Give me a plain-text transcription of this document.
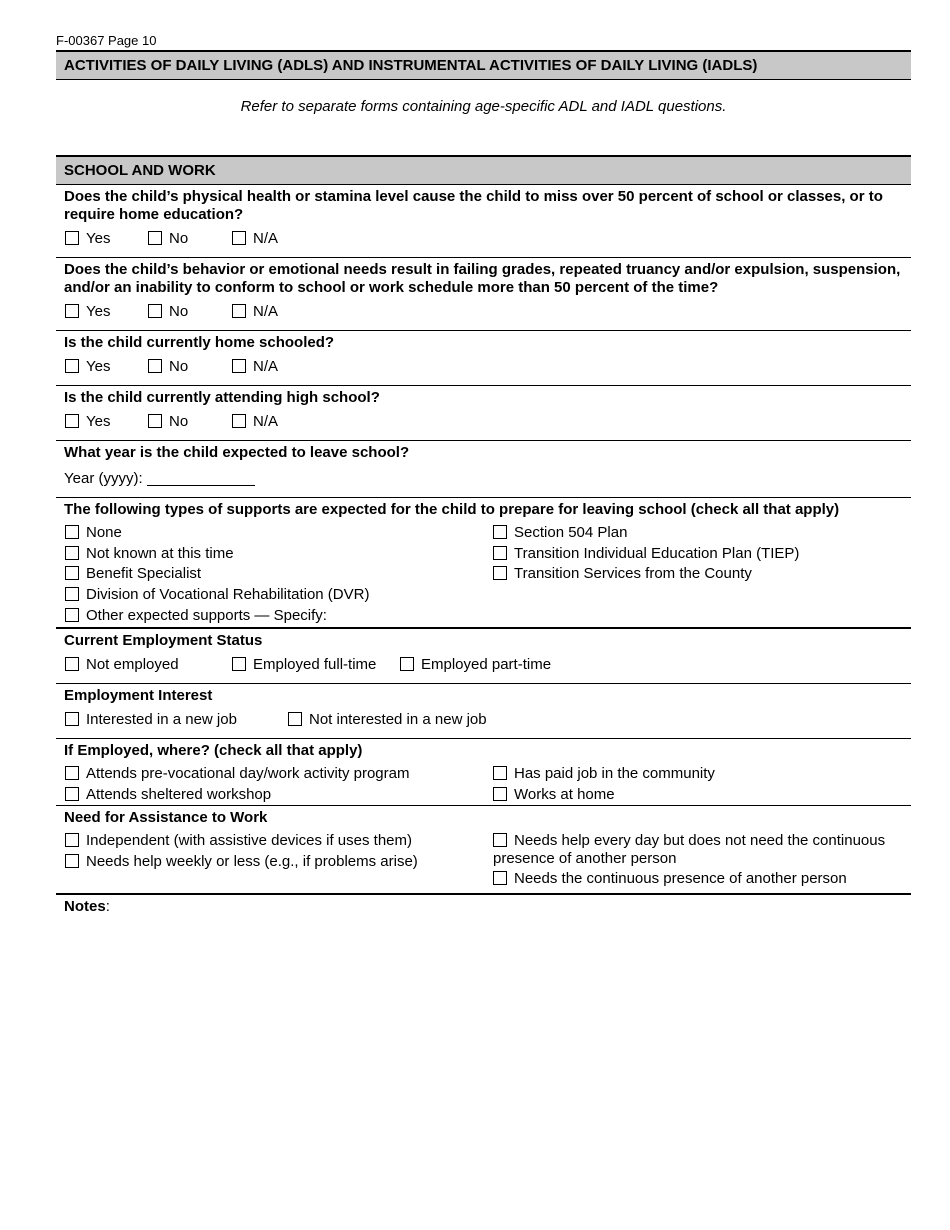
F-00367 Page 10
ACTIVITIES OF DAILY LIVING (ADLS) AND INSTRUMENTAL ACTIVITIES OF DAILY LIVING (IADLS)
Refer to separate forms containing age-specific ADL and IADL questions.
SCHOOL AND WORK
Does the child’s physical health or stamina level cause the child to miss over 50 percent of school or classes, or to require home education?
Yes	No	N/A
Does the child’s behavior or emotional needs result in failing grades, repeated truancy and/or expulsion, suspension, and/or an inability to conform to school or work schedule more than 50 percent of the time?
Yes	No	N/A
Is the child currently home schooled?
Yes	No	N/A
Is the child currently attending high school?
Yes	No	N/A
What year is the child expected to leave school?
Year (yyyy):
The following types of supports are expected for the child to prepare for leaving school (check all that apply)
None
Not known at this time
Benefit Specialist
Division of Vocational Rehabilitation (DVR)
Other expected supports — Specify:
Section 504 Plan
Transition Individual Education Plan (TIEP)
Transition Services from the County
Current Employment Status
Not employed	Employed full-time	Employed part-time
Employment Interest
Interested in a new job	Not interested in a new job
If Employed, where? (check all that apply)
Attends pre-vocational day/work activity program
Attends sheltered workshop
Has paid job in the community
Works at home
Need for Assistance to Work
Independent (with assistive devices if uses them)
Needs help weekly or less (e.g., if problems arise)
Needs help every day but does not need the continuous presence of another person
Needs the continuous presence of another person
Notes:
